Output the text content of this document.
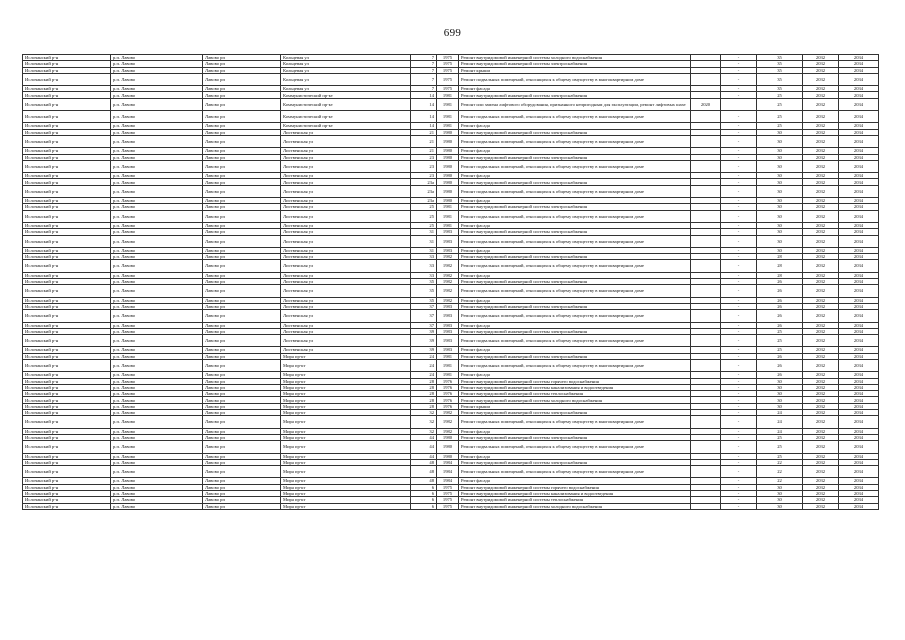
699
Ислочанский р-н	р.п. Лавово	Лавово рп	Кольцевая ул	7	1975	Ремонт внутридомовой инженерной системы холодного водоснабжения		-	35	2032	2034
Ислочанский р-н	р.п. Лавово	Лавово рп	Кольцевая ул	7	1975	Ремонт внутридомовой инженерной системы электроснабжения		-	35	2032	2034
Ислочанский р-н	р.п. Лавово	Лавово рп	Кольцевая ул	7	1975	Ремонт крыши		-	35	2032	2034
Ислочанский р-н	р.п. Лавово	Лавово рп	Кольцевая ул	7	1975	Ремонт подвальных помещений, относящихся к общему имуществу в многоквартирном доме		-	35	2032	2034
Ислочанский р-н	р.п. Лавово	Лавово рп	Кольцевая ул	7	1975	Ремонт фасада		-	35	2032	2034
Ислочанский р-н	р.п. Лавово	Лавово рп	Коммунистический пр-кт	14	1981	Ремонт внутридомовой инженерной системы электроснабжения		-	25	2032	2034
Ислочанский р-н	р.п. Лавово	Лавово рп	Коммунистический пр-кт	14	1981	Ремонт или замена лифтового оборудования, признанного непригодным для эксплуатации, ремонт лифтовых шахт	2020		25	2032	2034
Ислочанский р-н	р.п. Лавово	Лавово рп	Коммунистический пр-кт	14	1981	Ремонт подвальных помещений, относящихся к общему имуществу в многоквартирном доме		-	25	2032	2034
Ислочанский р-н	р.п. Лавово	Лавово рп	Коммунистический пр-кт	14	1981	Ремонт фасада		-	25	2032	2034
Ислочанский р-н	р.п. Лавово	Лавово рп	Лиственская ул	21	1980	Ремонт внутридомовой инженерной системы электроснабжения		-	30	2032	2034
Ислочанский р-н	р.п. Лавово	Лавово рп	Лиственская ул	21	1980	Ремонт подвальных помещений, относящихся к общему имуществу в многоквартирном доме		-	30	2032	2034
Ислочанский р-н	р.п. Лавово	Лавово рп	Лиственская ул	21	1980	Ремонт фасада		-	30	2032	2034
Ислочанский р-н	р.п. Лавово	Лавово рп	Лиственская ул	23	1980	Ремонт внутридомовой инженерной системы электроснабжения		-	30	2032	2034
Ислочанский р-н	р.п. Лавово	Лавово рп	Лиственская ул	23	1980	Ремонт подвальных помещений, относящихся к общему имуществу в многоквартирном доме		-	30	2032	2034
Ислочанский р-н	р.п. Лавово	Лавово рп	Лиственская ул	23	1980	Ремонт фасада		-	30	2032	2034
Ислочанский р-н	р.п. Лавово	Лавово рп	Лиственская ул	23а	1980	Ремонт внутридомовой инженерной системы электроснабжения		-	30	2032	2034
Ислочанский р-н	р.п. Лавово	Лавово рп	Лиственская ул	23а	1980	Ремонт подвальных помещений, относящихся к общему имуществу в многоквартирном доме		-	30	2032	2034
Ислочанский р-н	р.п. Лавово	Лавово рп	Лиственская ул	23а	1980	Ремонт фасада		-	30	2032	2034
Ислочанский р-н	р.п. Лавово	Лавово рп	Лиственская ул	25	1981	Ремонт внутридомовой инженерной системы электроснабжения		-	30	2032	2034
Ислочанский р-н	р.п. Лавово	Лавово рп	Лиственская ул	25	1981	Ремонт подвальных помещений, относящихся к общему имуществу в многоквартирном доме		-	30	2032	2034
Ислочанский р-н	р.п. Лавово	Лавово рп	Лиственская ул	25	1981	Ремонт фасада		-	30	2032	2034
Ислочанский р-н	р.п. Лавово	Лавово рп	Лиственская ул	31	1983	Ремонт внутридомовой инженерной системы электроснабжения		-	30	2032	2034
Ислочанский р-н	р.п. Лавово	Лавово рп	Лиственская ул	31	1983	Ремонт подвальных помещений, относящихся к общему имуществу в многоквартирном доме		-	30	2032	2034
Ислочанский р-н	р.п. Лавово	Лавово рп	Лиственская ул	31	1983	Ремонт фасада		-	30	2032	2034
Ислочанский р-н	р.п. Лавово	Лавово рп	Лиственская ул	33	1982	Ремонт внутридомовой инженерной системы электроснабжения		-	28	2032	2034
Ислочанский р-н	р.п. Лавово	Лавово рп	Лиственская ул	33	1982	Ремонт подвальных помещений, относящихся к общему имуществу в многоквартирном доме		-	28	2032	2034
Ислочанский р-н	р.п. Лавово	Лавово рп	Лиственская ул	33	1982	Ремонт фасада		-	28	2032	2034
Ислочанский р-н	р.п. Лавово	Лавово рп	Лиственская ул	35	1982	Ремонт внутридомовой инженерной системы электроснабжения		-	26	2032	2034
Ислочанский р-н	р.п. Лавово	Лавово рп	Лиственская ул	35	1982	Ремонт подвальных помещений, относящихся к общему имуществу в многоквартирном доме		-	26	2032	2034
Ислочанский р-н	р.п. Лавово	Лавово рп	Лиственская ул	35	1982	Ремонт фасада		-	26	2032	2034
Ислочанский р-н	р.п. Лавово	Лавово рп	Лиственская ул	37	1983	Ремонт внутридомовой инженерной системы электроснабжения		-	26	2032	2034
Ислочанский р-н	р.п. Лавово	Лавово рп	Лиственская ул	37	1983	Ремонт подвальных помещений, относящихся к общему имуществу в многоквартирном доме		-	26	2032	2034
Ислочанский р-н	р.п. Лавово	Лавово рп	Лиственская ул	37	1983	Ремонт фасада		-	26	2032	2034
Ислочанский р-н	р.п. Лавово	Лавово рп	Лиственская ул	39	1983	Ремонт внутридомовой инженерной системы электроснабжения		-	25	2032	2034
Ислочанский р-н	р.п. Лавово	Лавово рп	Лиственская ул	39	1983	Ремонт подвальных помещений, относящихся к общему имуществу в многоквартирном доме		-	25	2032	2034
Ислочанский р-н	р.п. Лавово	Лавово рп	Лиственская ул	39	1983	Ремонт фасада		-	25	2032	2034
Ислочанский р-н	р.п. Лавово	Лавово рп	Мира пр-кт	24	1981	Ремонт внутридомовой инженерной системы электроснабжения		-	26	2032	2034
Ислочанский р-н	р.п. Лавово	Лавово рп	Мира пр-кт	24	1981	Ремонт подвальных помещений, относящихся к общему имуществу в многоквартирном доме		-	26	2032	2034
Ислочанский р-н	р.п. Лавово	Лавово рп	Мира пр-кт	24	1981	Ремонт фасада		-	26	2032	2034
Ислочанский р-н	р.п. Лавово	Лавово рп	Мира пр-кт	28	1976	Ремонт внутридомовой инженерной системы горячего водоснабжения		-	30	2032	2034
Ислочанский р-н	р.п. Лавово	Лавово рп	Мира пр-кт	28	1976	Ремонт внутридомовой инженерной системы канализования и водоотведения		-	30	2032	2034
Ислочанский р-н	р.п. Лавово	Лавово рп	Мира пр-кт	28	1976	Ремонт внутридомовой инженерной системы теплоснабжения		-	30	2032	2034
Ислочанский р-н	р.п. Лавово	Лавово рп	Мира пр-кт	28	1976	Ремонт внутридомовой инженерной системы холодного водоснабжения		-	30	2032	2034
Ислочанский р-н	р.п. Лавово	Лавово рп	Мира пр-кт	28	1976	Ремонт крыши		-	30	2032	2034
Ислочанский р-н	р.п. Лавово	Лавово рп	Мира пр-кт	32	1982	Ремонт внутридомовой инженерной системы электроснабжения		-	24	2032	2034
Ислочанский р-н	р.п. Лавово	Лавово рп	Мира пр-кт	32	1982	Ремонт подвальных помещений, относящихся к общему имуществу в многоквартирном доме		-	24	2032	2034
Ислочанский р-н	р.п. Лавово	Лавово рп	Мира пр-кт	32	1982	Ремонт фасада		-	24	2032	2034
Ислочанский р-н	р.п. Лавово	Лавово рп	Мира пр-кт	44	1980	Ремонт внутридомовой инженерной системы электроснабжения		-	25	2032	2034
Ислочанский р-н	р.п. Лавово	Лавово рп	Мира пр-кт	44	1980	Ремонт подвальных помещений, относящихся к общему имуществу в многоквартирном доме		-	25	2032	2034
Ислочанский р-н	р.п. Лавово	Лавово рп	Мира пр-кт	44	1980	Ремонт фасада		-	25	2032	2034
Ислочанский р-н	р.п. Лавово	Лавово рп	Мира пр-кт	48	1984	Ремонт внутридомовой инженерной системы электроснабжения		-	22	2032	2034
Ислочанский р-н	р.п. Лавово	Лавово рп	Мира пр-кт	48	1984	Ремонт подвальных помещений, относящихся к общему имуществу в многоквартирном доме		-	22	2032	2034
Ислочанский р-н	р.п. Лавово	Лавово рп	Мира пр-кт	48	1984	Ремонт фасада		-	22	2032	2034
Ислочанский р-н	р.п. Лавово	Лавово рп	Мира пр-кт	6	1975	Ремонт внутридомовой инженерной системы горячего водоснабжения		-	30	2032	2034
Ислочанский р-н	р.п. Лавово	Лавово рп	Мира пр-кт	6	1975	Ремонт внутридомовой инженерной системы канализования и водоотведения		-	30	2032	2034
Ислочанский р-н	р.п. Лавово	Лавово рп	Мира пр-кт	6	1975	Ремонт внутридомовой инженерной системы теплоснабжения		-	30	2032	2034
Ислочанский р-н	р.п. Лавово	Лавово рп	Мира пр-кт	6	1975	Ремонт внутридомовой инженерной системы холодного водоснабжения		-	30	2032	2034
